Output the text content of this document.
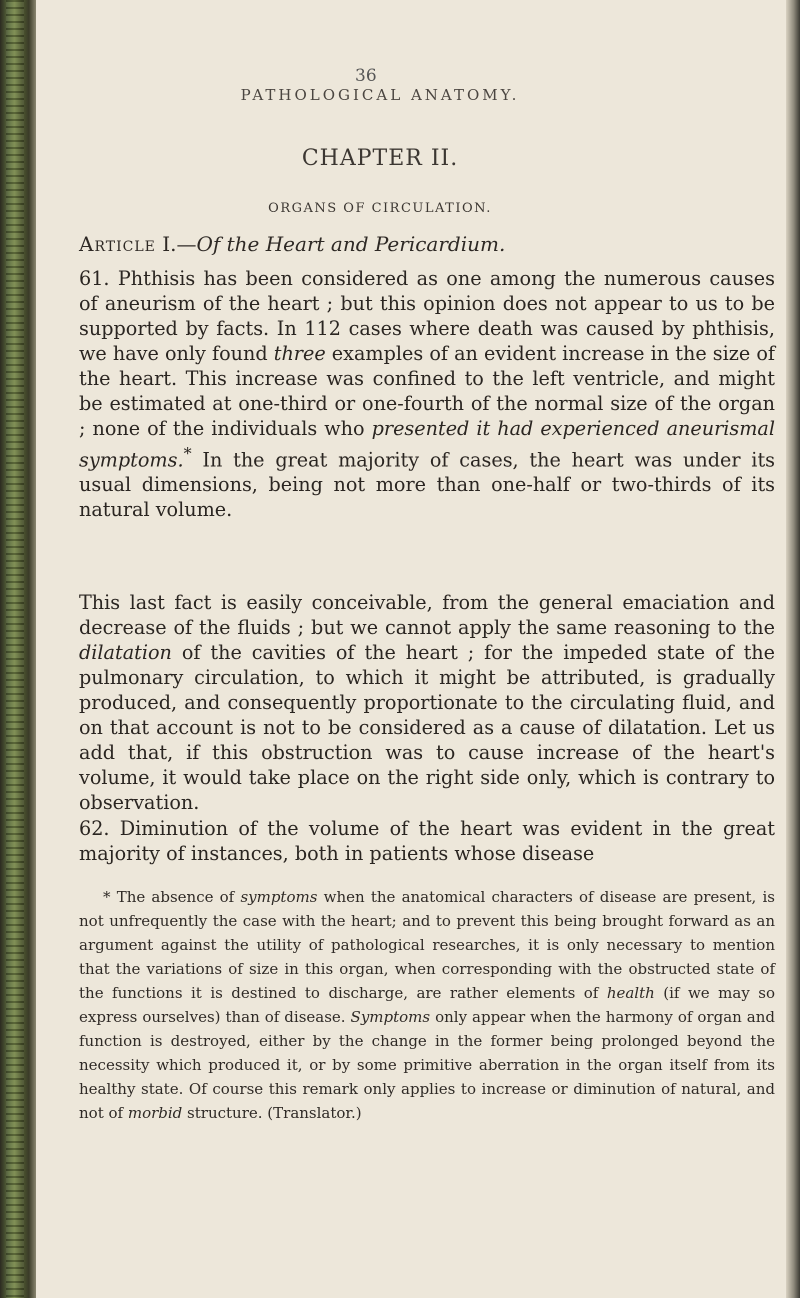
36
PATHOLOGICAL ANATOMY.
CHAPTER II.
ORGANS OF CIRCULATION.
Article I.—Of the Heart and Pericardium.

61. Phthisis has been considered as one among the numerous causes of aneurism of the heart ; but this opinion does not appear to us to be supported by facts. In 112 cases where death was caused by phthisis, we have only found three examples of an evident increase in the size of the heart. This increase was confined to the left ventricle, and might be estimated at one-third or one-fourth of the normal size of the organ ; none of the individuals who presented it had experienced aneurismal symptoms.* In the great majority of cases, the heart was under its usual dimensions, being not more than one-half or two-thirds of its natural volume.

This last fact is easily conceivable, from the general emaciation and decrease of the fluids ; but we cannot apply the same reasoning to the dilatation of the cavities of the heart ; for the impeded state of the pulmonary circulation, to which it might be attributed, is gradually produced, and consequently proportionate to the circulating fluid, and on that account is not to be considered as a cause of dilatation. Let us add that, if this obstruction was to cause increase of the heart's volume, it would take place on the right side only, which is contrary to observation.

62. Diminution of the volume of the heart was evident in the great majority of instances, both in patients whose disease

* The absence of symptoms when the anatomical characters of disease are present, is not unfrequently the case with the heart; and to prevent this being brought forward as an argument against the utility of pathological researches, it is only necessary to mention that the variations of size in this organ, when corresponding with the obstructed state of the functions it is destined to discharge, are rather elements of health (if we may so express ourselves) than of disease. Symptoms only appear when the harmony of organ and function is destroyed, either by the change in the former being prolonged beyond the necessity which produced it, or by some primitive aberration in the organ itself from its healthy state. Of course this remark only applies to increase or diminution of natural, and not of morbid structure. (Translator.)
